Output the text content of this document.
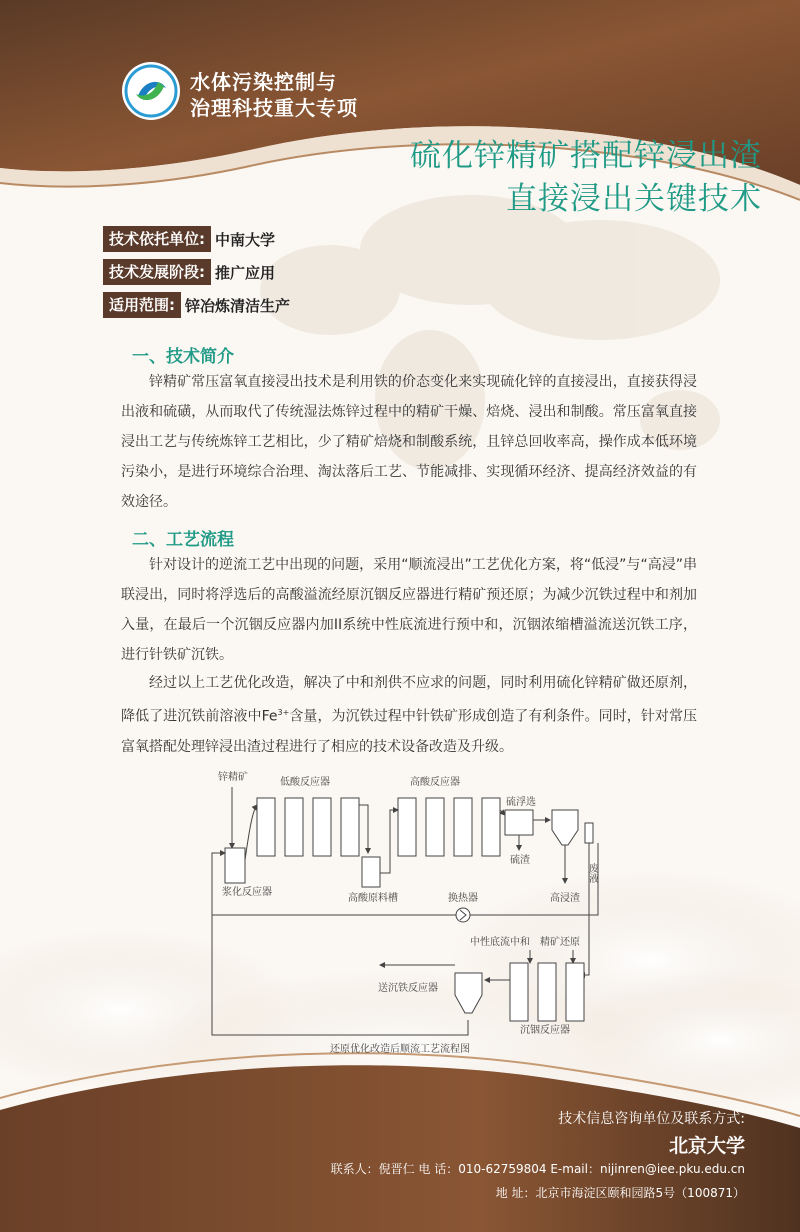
水体污染控制与
治理科技重大专项
硫化锌精矿搭配锌浸出渣
直接浸出关键技术
技术依托单位: 中南大学
技术发展阶段: 推广应用
适用范围: 锌冶炼清洁生产
一、技术简介

锌精矿常压富氧直接浸出技术是利用铁的价态变化来实现硫化锌的直接浸出，直接获得浸出液和硫磺，从而取代了传统湿法炼锌过程中的精矿干燥、焙烧、浸出和制酸。常压富氧直接浸出工艺与传统炼锌工艺相比，少了精矿焙烧和制酸系统，且锌总回收率高，操作成本低环境污染小，是进行环境综合治理、淘汰落后工艺、节能减排、实现循环经济、提高经济效益的有效途径。

二、工艺流程

针对设计的逆流工艺中出现的问题，采用“顺流浸出”工艺优化方案，将“低浸”与“高浸”串联浸出，同时将浮选后的高酸溢流经原沉铟反应器进行精矿预还原；为减少沉铁过程中和剂加入量，在最后一个沉铟反应器内加II系统中性底流进行预中和，沉铟浓缩槽溢流送沉铁工序，进行针铁矿沉铁。

经过以上工艺优化改造，解决了中和剂供不应求的问题，同时利用硫化锌精矿做还原剂，降低了进沉铁前溶液中$Fe^{3+}$含量，为沉铁过程中针铁矿形成创造了有利条件。同时，针对常压富氧搭配处理锌浸出渣过程进行了相应的技术设备改造及升级。

锌精矿	低酸反应器	高酸反应器
硫浮选
硫渣
废液
浆化反应器
高酸原料槽	换热器	高浸渣
中性底流中和 精矿还原
送沉铁反应器
沉铟反应器
还原优化改造后顺流工艺流程图
技术信息咨询单位及联系方式:
北京大学
联系人：倪晋仁 电 话：010-62759804 E-mail：nijinren@iee.pku.edu.cn
地 址：北京市海淀区颐和园路5号（100871）
